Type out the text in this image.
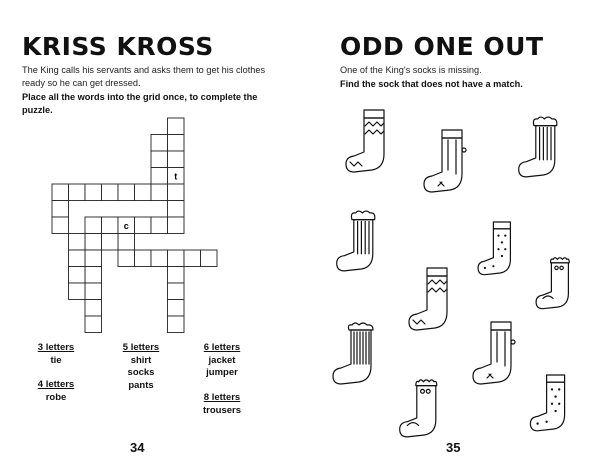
KRISS KROSS
The King calls his servants and asks them to get his clothes ready so he can get dressed.
Place all the words into the grid once, to complete the puzzle.
t
c
3 letters
tie
4 letters
robe
5 letters
shirt
socks
pants
6 letters
jacket
jumper
8 letters
trousers
34
ODD ONE OUT
One of the King's socks is missing.
Find the sock that does not have a match.
35
